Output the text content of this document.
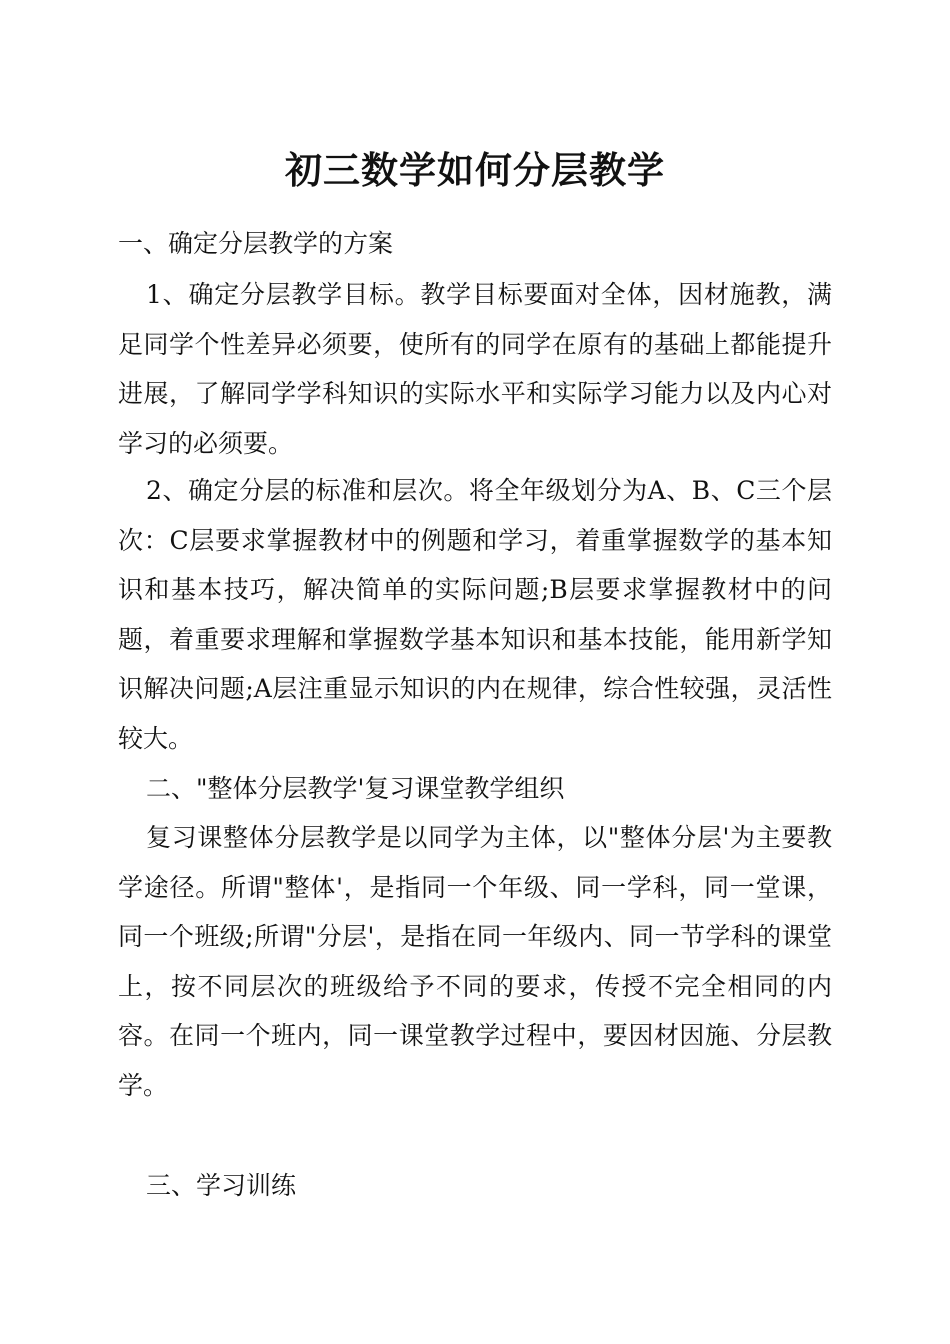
初三数学如何分层教学

一、确定分层教学的方案

1、确定分层教学目标。教学目标要面对全体，因材施教，满足同学个性差异必须要，使所有的同学在原有的基础上都能提升进展，了解同学学科知识的实际水平和实际学习能力以及内心对学习的必须要。

2、确定分层的标准和层次。将全年级划分为A、B、C三个层次：C层要求掌握教材中的例题和学习，着重掌握数学的基本知识和基本技巧，解决简单的实际问题;B层要求掌握教材中的问题，着重要求理解和掌握数学基本知识和基本技能，能用新学知识解决问题;A层注重显示知识的内在规律，综合性较强，灵活性较大。

二、"整体分层教学'复习课堂教学组织

复习课整体分层教学是以同学为主体，以"整体分层'为主要教学途径。所谓"整体'，是指同一个年级、同一学科，同一堂课，同一个班级;所谓"分层'，是指在同一年级内、同一节学科的课堂上，按不同层次的班级给予不同的要求，传授不完全相同的内容。在同一个班内，同一课堂教学过程中，要因材因施、分层教学。

三、学习训练
